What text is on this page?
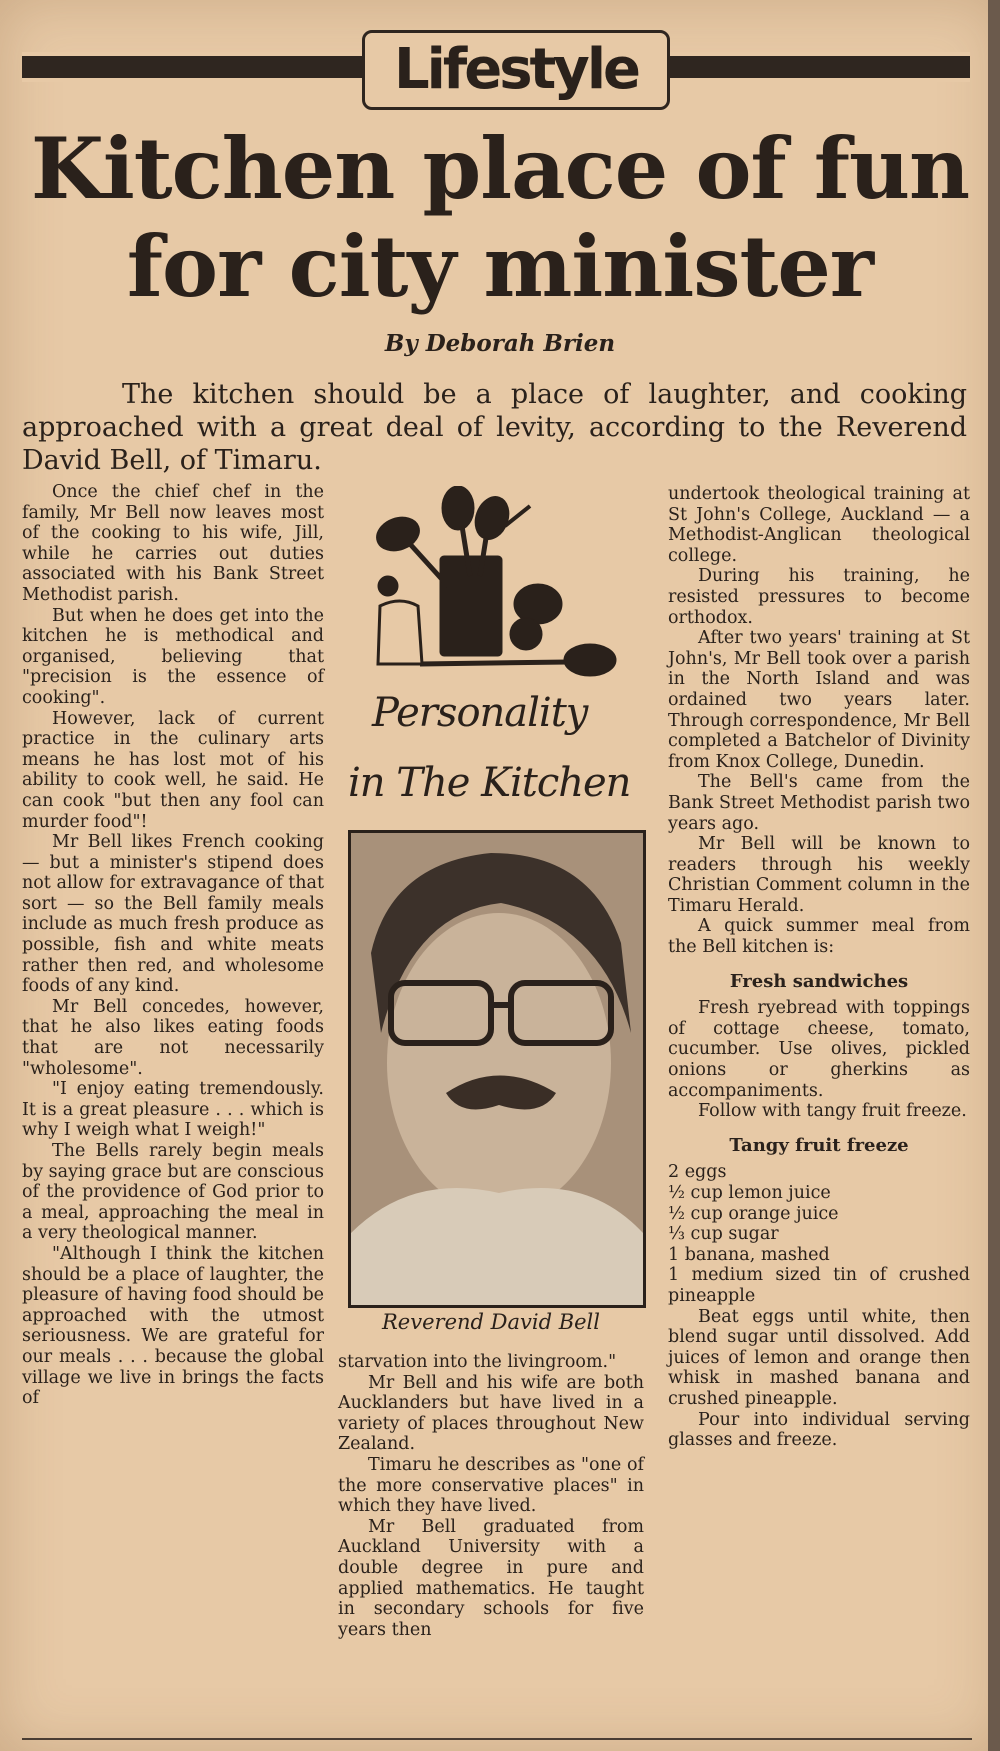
Lifestyle
Kitchen place of fun for city minister
By Deborah Brien

The kitchen should be a place of laughter, and cooking approached with a great deal of levity, according to the Reverend David Bell, of Timaru.

Once the chief chef in the family, Mr Bell now leaves most of the cooking to his wife, Jill, while he carries out duties associated with his Bank Street Methodist parish.

But when he does get into the kitchen he is methodical and organised, believing that "precision is the essence of cooking".

However, lack of current practice in the culinary arts means he has lost mot of his ability to cook well, he said. He can cook "but then any fool can murder food"!

Mr Bell likes French cooking — but a minister's stipend does not allow for extravagance of that sort — so the Bell family meals include as much fresh produce as possible, fish and white meats rather then red, and wholesome foods of any kind.

Mr Bell concedes, however, that he also likes eating foods that are not necessarily "wholesome".

"I enjoy eating tremendously. It is a great pleasure . . . which is why I weigh what I weigh!"

The Bells rarely begin meals by saying grace but are conscious of the providence of God prior to a meal, approaching the meal in a very theological manner.

"Although I think the kitchen should be a place of laughter, the pleasure of having food should be approached with the utmost seriousness. We are grateful for our meals . . . because the global village we live in brings the facts of

Personality
in The Kitchen
Reverend David Bell

starvation into the livingroom."

Mr Bell and his wife are both Aucklanders but have lived in a variety of places throughout New Zealand.

Timaru he describes as "one of the more conservative places" in which they have lived.

Mr Bell graduated from Auckland University with a double degree in pure and applied mathematics. He taught in secondary schools for five years then

undertook theological training at St John's College, Auckland — a Methodist-Anglican theological college.

During his training, he resisted pressures to become orthodox.

After two years' training at St John's, Mr Bell took over a parish in the North Island and was ordained two years later. Through correspondence, Mr Bell completed a Batchelor of Divinity from Knox College, Dunedin.

The Bell's came from the Bank Street Methodist parish two years ago.

Mr Bell will be known to readers through his weekly Christian Comment column in the Timaru Herald.

A quick summer meal from the Bell kitchen is:

Fresh sandwiches

Fresh ryebread with toppings of cottage cheese, tomato, cucumber. Use olives, pickled onions or gherkins as accompaniments.

Follow with tangy fruit freeze.

Tangy fruit freeze

2 eggs

½ cup lemon juice

½ cup orange juice

⅓ cup sugar

1 banana, mashed

1 medium sized tin of crushed pineapple

Beat eggs until white, then blend sugar until dissolved. Add juices of lemon and orange then whisk in mashed banana and crushed pineapple.

Pour into individual serving glasses and freeze.
